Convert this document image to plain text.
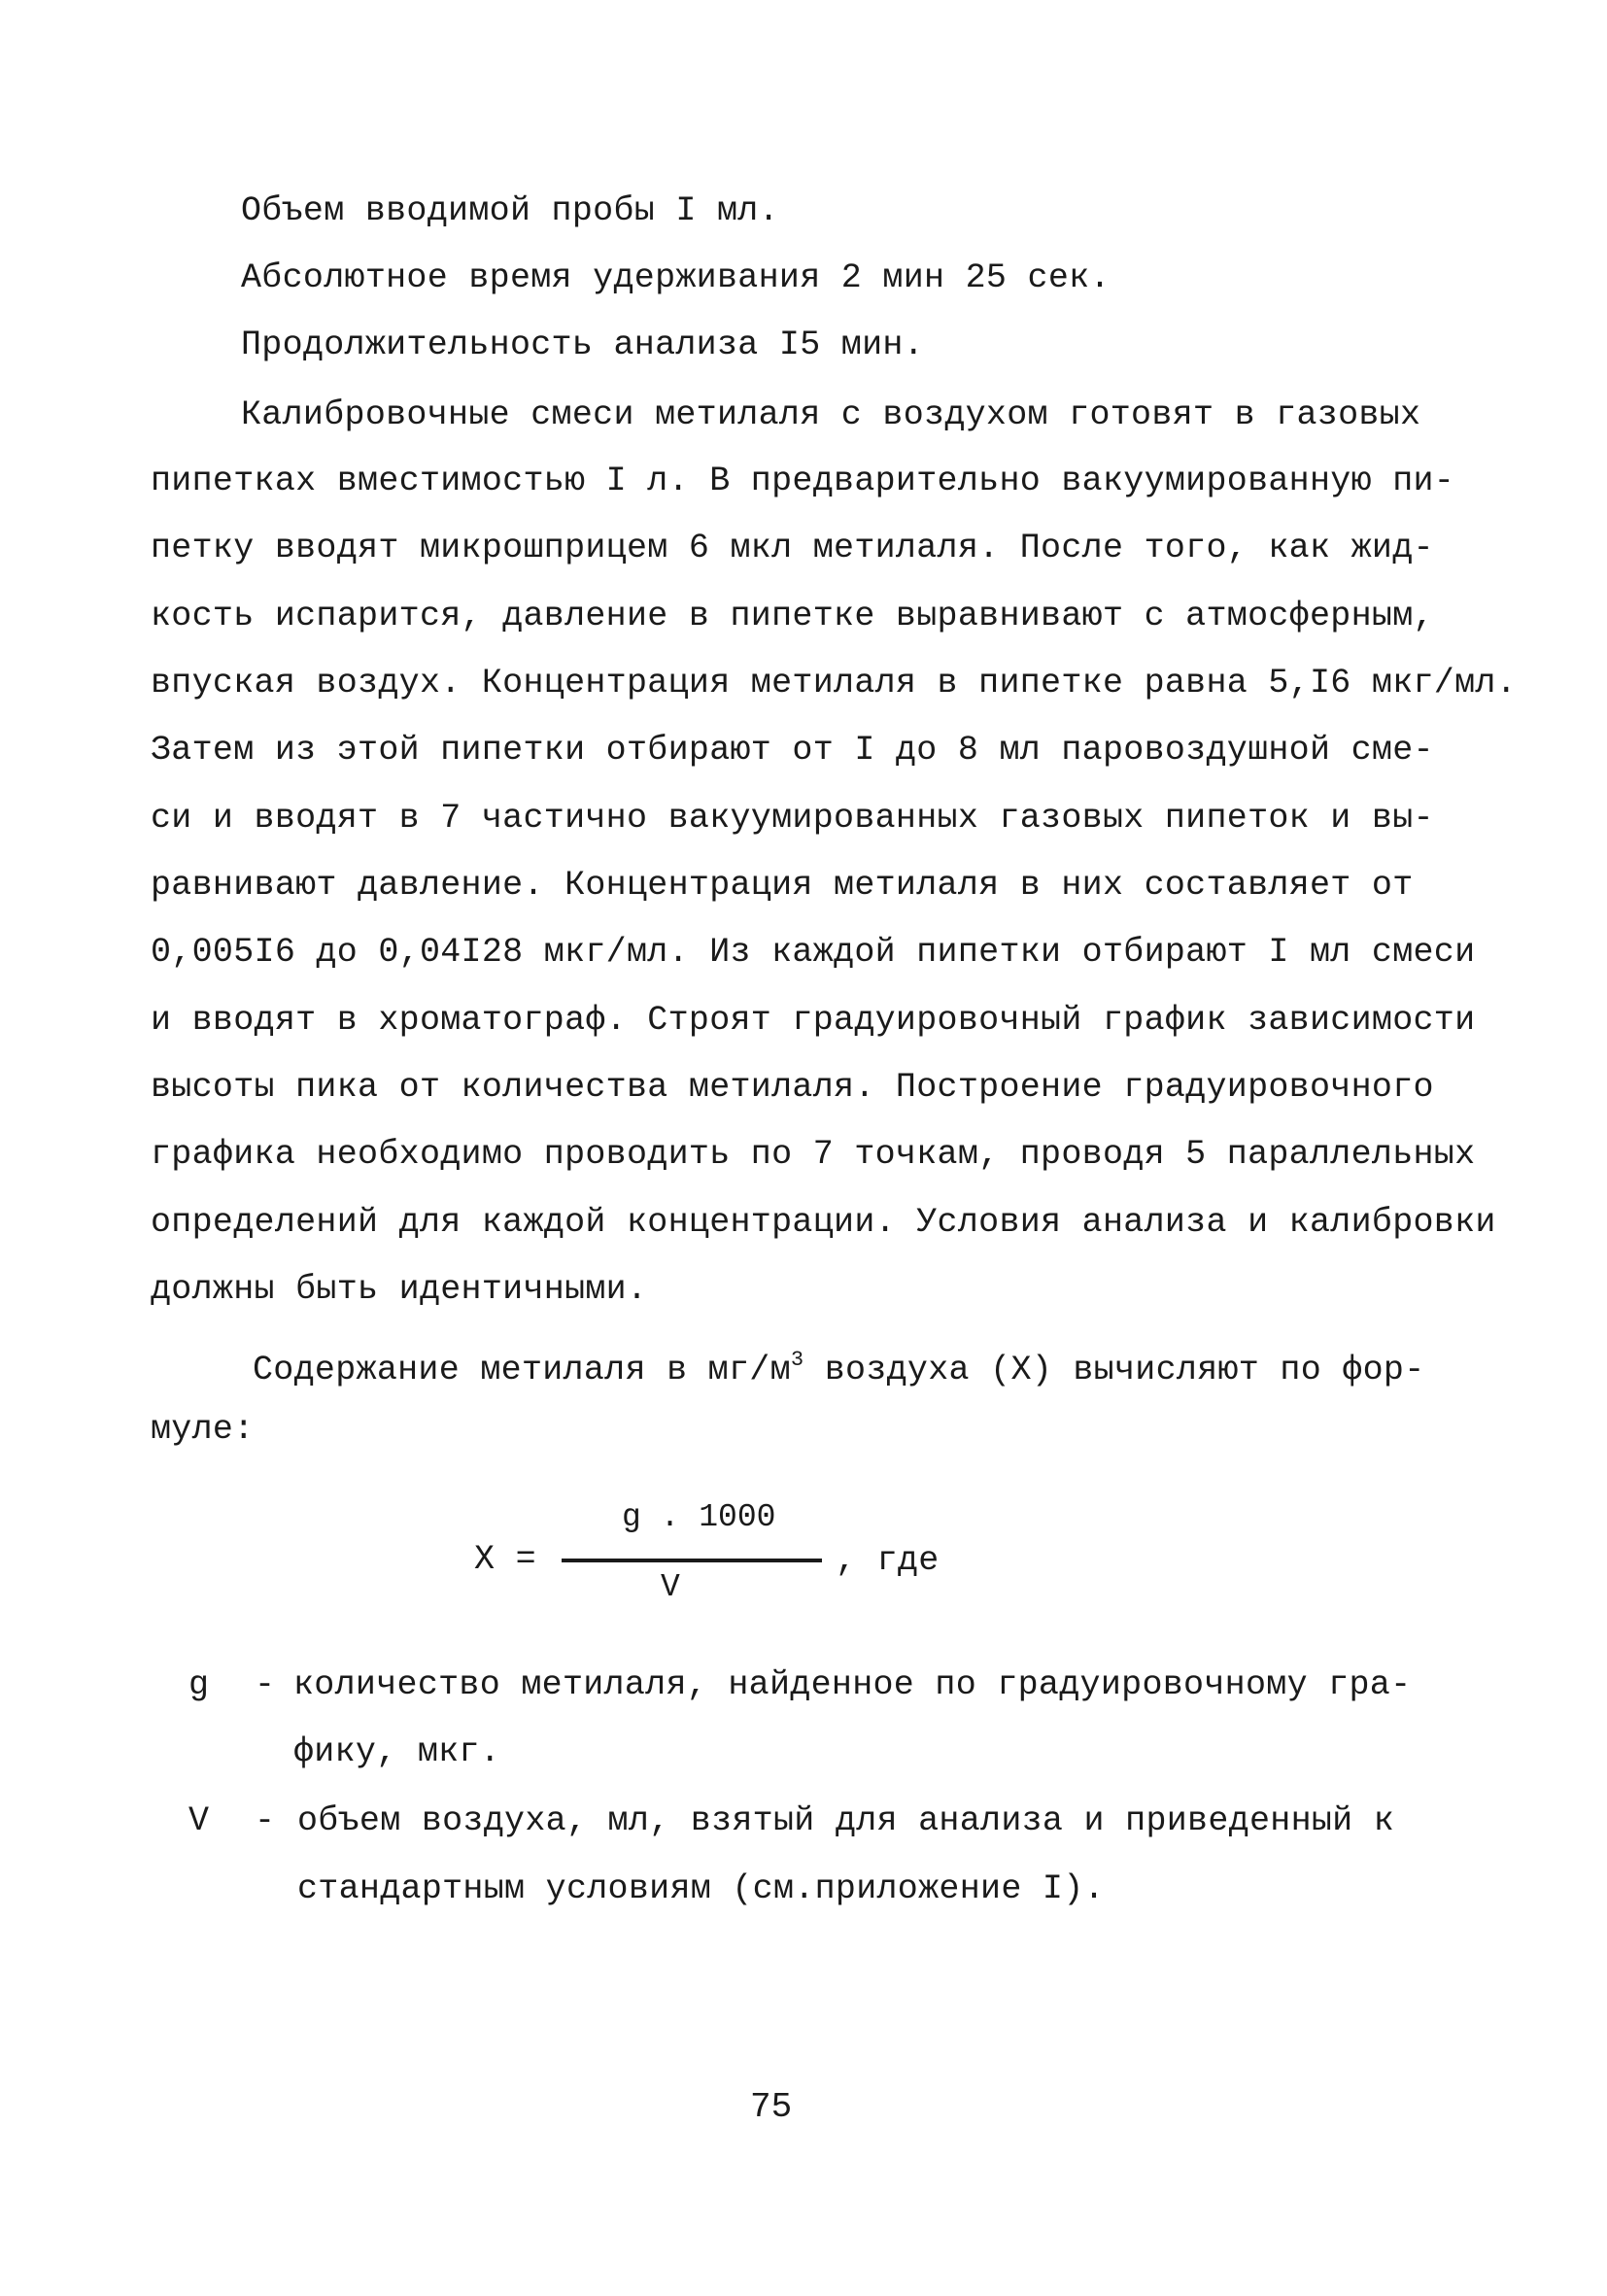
Объем вводимой пробы I мл.
Абсолютное время удерживания 2 мин 25 сек.
Продолжительность анализа I5 мин.
Калибровочные смеси метилаля с воздухом готовят в газовых
пипетках вместимостью I л. В предварительно вакуумированную пи-
петку вводят микрошприцем 6 мкл метилаля. После того, как жид-
кость испарится, давление в пипетке выравнивают с атмосферным,
впуская воздух. Концентрация метилаля в пипетке равна 5,I6 мкг/мл.
Затем из этой пипетки отбирают от I до 8 мл паровоздушной сме-
си и вводят в 7 частично вакуумированных газовых пипеток и вы-
равнивают давление. Концентрация метилаля в них составляет от
0,005I6 до 0,04I28 мкг/мл. Из каждой пипетки отбирают I мл смеси
и вводят в хроматограф. Строят градуировочный график зависимости
высоты пика от количества метилаля. Построение градуировочного
графика необходимо проводить по 7 точкам, проводя 5 параллельных
определений для каждой концентрации. Условия анализа и калибровки
должны быть идентичными.
Содержание метилаля в $мг/м^3$ воздуха (X) вычисляют по фор-
муле:
X =
g . 1000
V
, где
g - количество метилаля, найденное по градуировочному гра-
фику, мкг.
V - объем воздуха, мл, взятый для анализа и приведенный к
стандартным условиям (см.приложение I).
75
